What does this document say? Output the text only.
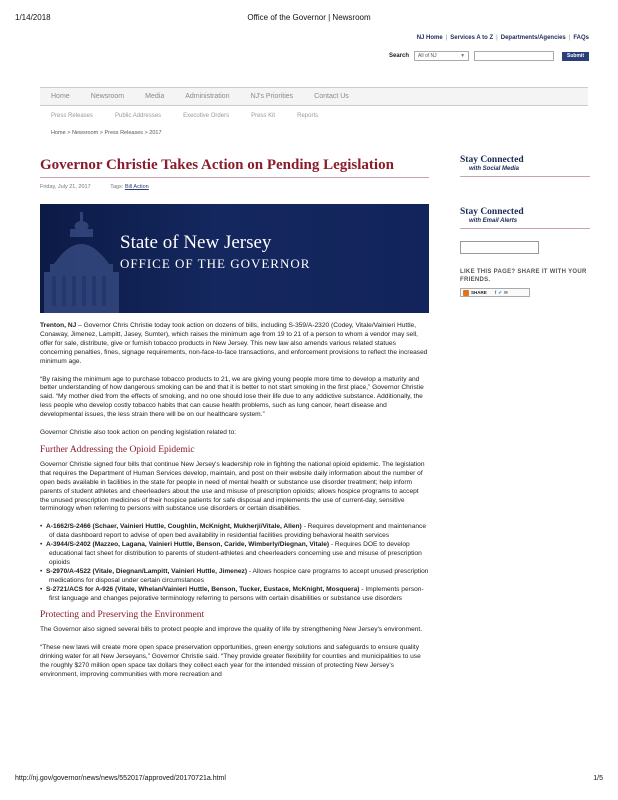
1/14/2018	Office of the Governor | Newsroom
NJ Home | Services A to Z | Departments/Agencies | FAQs
Search	All of NJ	▼	Submit
Home	Newsroom	Media	Administration	NJ's Priorities	Contact Us
Press Releases	Public Addresses	Executive Orders	Press Kit	Reports
Home > Newsroom > Press Releases > 2017
Governor Christie Takes Action on Pending Legislation
Friday, July 21, 2017	Tags: Bill Action
State of New Jersey
OFFICE OF THE GOVERNOR

Trenton, NJ – Governor Chris Christie today took action on dozens of bills, including S-359/A-2320 (Codey, Vitale/Vainieri Huttle, Conaway, Jimenez, Lampitt, Jasey, Sumter), which raises the minimum age from 19 to 21 of a person to whom a vendor may sell, offer for sale, distribute, give or furnish tobacco products in New Jersey. This new law also amends various related statues concerning penalties, fines, signage requirements, non-face-to-face transactions, and enforcement provisions to reflect the increased minimum age.

“By raising the minimum age to purchase tobacco products to 21, we are giving young people more time to develop a maturity and better understanding of how dangerous smoking can be and that it is better to not start smoking in the first place,” Governor Christie said. “My mother died from the effects of smoking, and no one should lose their life due to any addictive substance. Additionally, the less people who develop costly tobacco habits that can cause health problems, such as lung cancer, heart disease and developmental issues, the less strain there will be on our healthcare system.”

Governor Christie also took action on pending legislation related to:

Further Addressing the Opioid Epidemic

Governor Christie signed four bills that continue New Jersey's leadership role in fighting the national opioid epidemic. The legislation that requires the Department of Human Services develop, maintain, and post on their website daily information about the number of open beds available in facilities in the state for people in need of mental health or substance use disorder treatment; help inform parents of student athletes and cheerleaders about the use and misuse of prescription opioids; allows hospice programs to accept the unused prescription medicines of their hospice patients for safe disposal and implements the use of current-day, sensitive terminology when referring to persons with substance use disorders or certain disabilities.

•  A-1662/S-2466 (Schaer, Vainieri Huttle, Coughlin, McKnight, Mukherji/Vitale, Allen) - Requires development and maintenance of data dashboard report to advise of open bed availability in residential facilities providing behavioral health services
•  A-3944/S-2402 (Mazzeo, Lagana, Vainieri Huttle, Benson, Caride, Wimberly/Diegnan, Vitale) - Requires DOE to develop educational fact sheet for distribution to parents of student-athletes and cheerleaders concerning use and misuse of prescription opioids
•  S-2970/A-4522 (Vitale, Diegnan/Lampitt, Vainieri Huttle, Jimenez) - Allows hospice care programs to accept unused prescription medications for disposal under certain circumstances
•  S-2721/ACS for A-926 (Vitale, Whelan/Vainieri Huttle, Benson, Tucker, Eustace, McKnight, Mosquera) - Implements person-first language and changes pejorative terminology referring to persons with certain disabilities or substance use disorders
Protecting and Preserving the Environment

The Governor also signed several bills to protect people and improve the quality of life by strengthening New Jersey's environment.

“These new laws will create more open space preservation opportunities, green energy solutions and safeguards to ensure quality drinking water for all New Jerseyans,” Governor Christie said. “They provide greater flexibility for counties and municipalities to use the roughly $270 million open space tax dollars they collect each year for the intended mission of protecting New Jersey’s environment, improving communities with more recreation and

Stay Connected
with Social Media
Stay Connected
with Email Alerts
LIKE THIS PAGE? SHARE IT WITH YOUR FRIENDS.
SHARE f ✔ ✉
http://nj.gov/governor/news/news/552017/approved/20170721a.html	1/5
